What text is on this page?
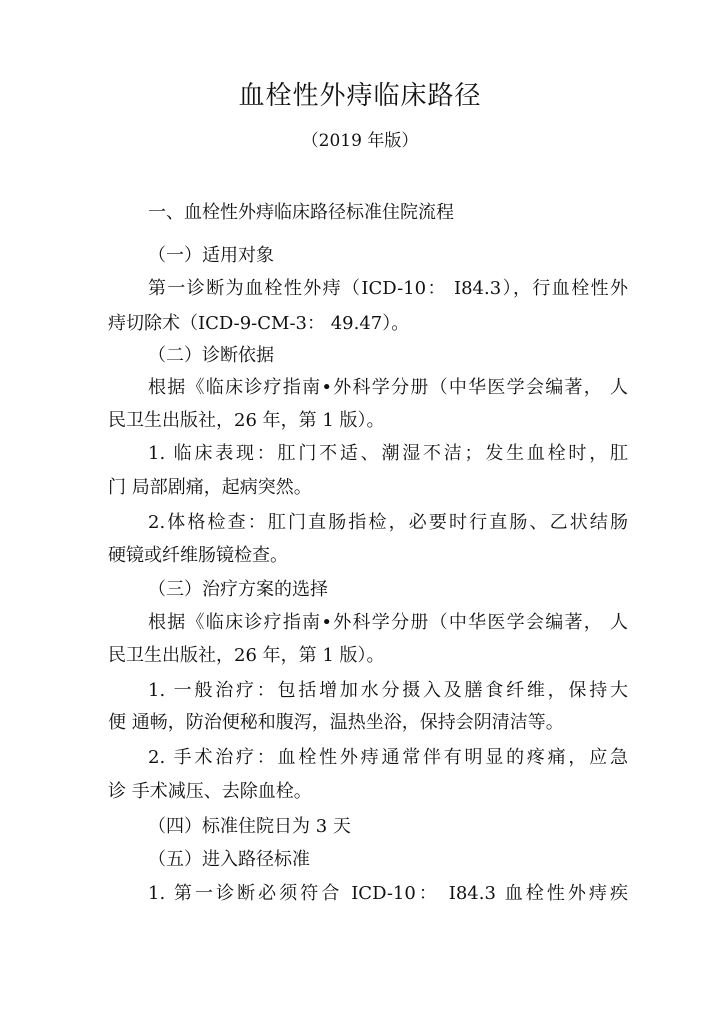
血栓性外痔临床路径
（2019 年版）
一、血栓性外痔临床路径标准住院流程
（一）适用对象
第一诊断为血栓性外痔（ICD-10： I84.3），行血栓性外
痔切除术（ICD-9-CM-3： 49.47）。
（二）诊断依据
根据《临床诊疗指南•外科学分册（中华医学会编著， 人
民卫生出版社，26 年，第 1 版）。
1. 临床表现：肛门不适、潮湿不洁；发生血栓时，肛
门 局部剧痛，起病突然。
2.体格检查：肛门直肠指检，必要时行直肠、乙状结肠
硬镜或纤维肠镜检查。
（三）治疗方案的选择
根据《临床诊疗指南•外科学分册（中华医学会编著， 人
民卫生出版社，26 年，第 1 版）。
1. 一般治疗：包括增加水分摄入及膳食纤维，保持大
便 通畅，防治便秘和腹泻，温热坐浴，保持会阴清洁等。
2. 手术治疗：血栓性外痔通常伴有明显的疼痛，应急
诊 手术减压、去除血栓。
（四）标准住院日为 3 天
（五）进入路径标准
1. 第一诊断必须符合 ICD-10： I84.3 血栓性外痔疾
